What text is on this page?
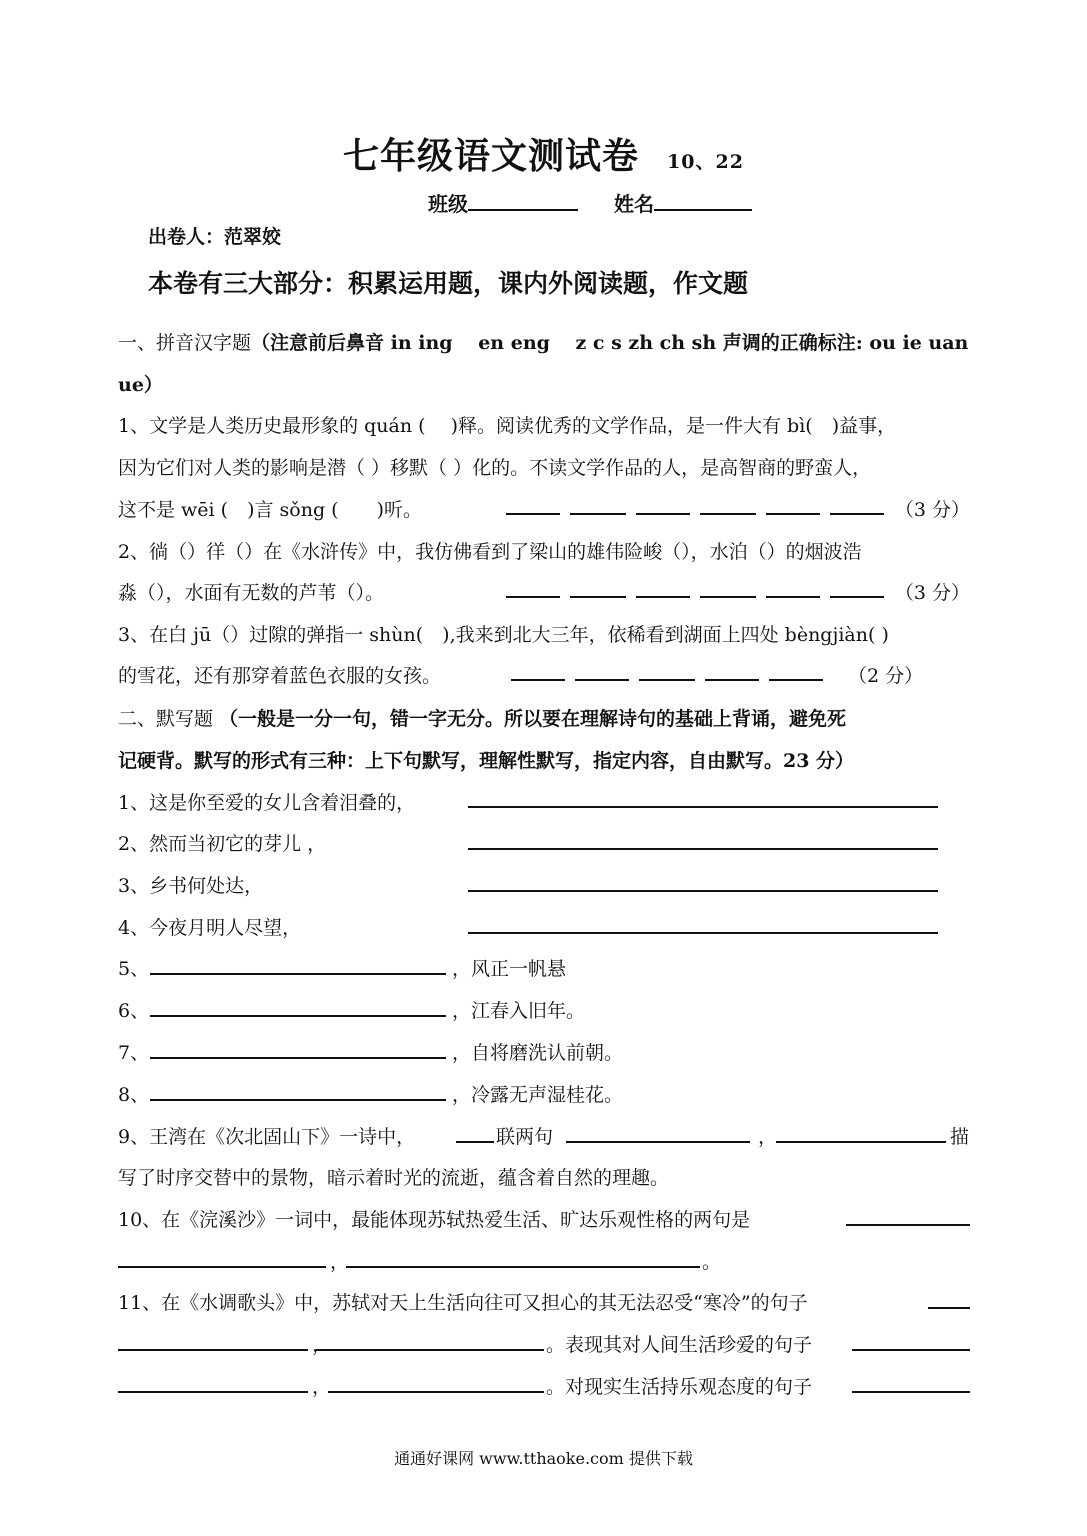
七年级语文测试卷 10、22
班级	姓名
出卷人：范翠姣
本卷有三大部分：积累运用题，课内外阅读题，作文题
一、拼音汉字题（注意前后鼻音 in ing　 en eng 　z c s zh ch sh 声调的正确标注: ou ie uan
ue）
1、文学是人类历史最形象的 quán (　 )释。阅读优秀的文学作品，是一件大有 bì(　)益事，
因为它们对人类的影响是潜（ ）移默（ ）化的。不读文学作品的人，是高智商的野蛮人，
这不是 wēi (　)言 sǒng (　　)听。	（3 分）
2、徜（）徉（）在《水浒传》中，我仿佛看到了梁山的雄伟险峻（），水泊（）的烟波浩
淼（），水面有无数的芦苇（）。	（3 分）
3、在白 jū（）过隙的弹指一 shùn(　),我来到北大三年，依稀看到湖面上四处 bèngjiàn( )
的雪花，还有那穿着蓝色衣服的女孩。	（2 分）
二、默写题 （一般是一分一句，错一字无分。所以要在理解诗句的基础上背诵，避免死
记硬背。默写的形式有三种：上下句默写，理解性默写，指定内容，自由默写。23 分）
1、这是你至爱的女儿含着泪叠的，
2、然而当初它的芽儿 ，
3、乡书何处达，
4、今夜月明人尽望，
5、	，风正一帆悬
6、	，江春入旧年。
7、	，自将磨洗认前朝。
8、	，冷露无声湿桂花。
9、王湾在《次北固山下》一诗中，	联两句	，	描
写了时序交替中的景物，暗示着时光的流逝，蕴含着自然的理趣。
10、在《浣溪沙》一词中，最能体现苏轼热爱生活、旷达乐观性格的两句是
，	。
11、在《水调歌头》中，苏轼对天上生活向往可又担心的其无法忍受“寒冷”的句子
，	。表现其对人间生活珍爱的句子
，	。对现实生活持乐观态度的句子
通通好课网 www.tthaoke.com 提供下载
